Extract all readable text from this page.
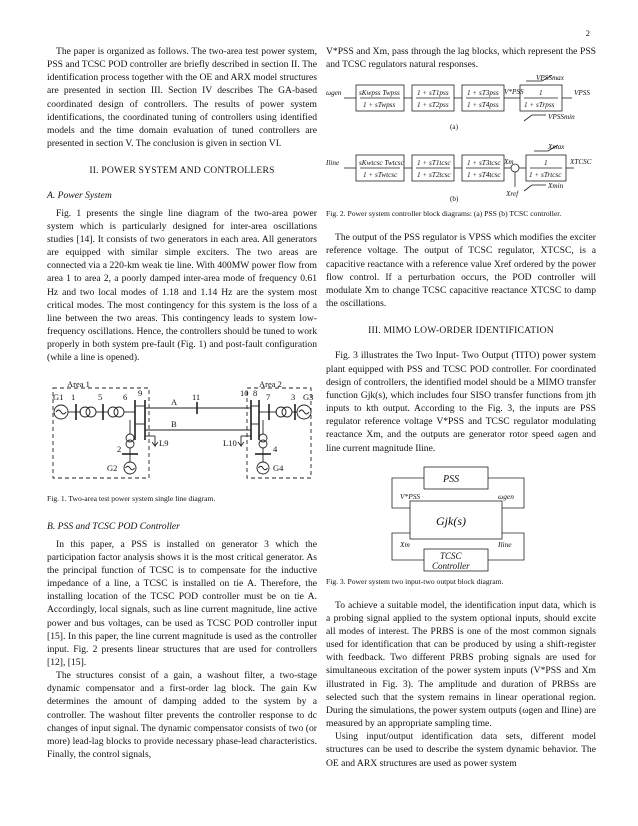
2

The paper is organized as follows. The two-area test power system, PSS and TCSC POD controller are briefly described in section II. The identification process together with the OE and ARX model structures are presented in section III. Section IV describes The GA-based coordinated design of controllers. The results of power system identifications, the coordinated tuning of controllers using identified models and the time domain evaluation of tuned controllers are presented in section V. The conclusion is given in section VI.

II. POWER SYSTEM AND CONTROLLERS
A. Power System

Fig. 1 presents the single line diagram of the two-area power system which is particularly designed for inter-area oscillations studies [14]. It consists of two generators in each area. All generators are equipped with similar simple exciters. The two areas are connected via a 220-km weak tie line. With 400MW power flow from area 1 to area 2, a poorly damped inter-area mode of frequency 0.61 Hz and two local modes of 1.18 and 1.14 Hz are the system most critical modes. The most contingency for this system is the loss of a line between the two areas. This contingency leads to system low-frequency oscillations. Hence, the controllers should be tuned to work properly in both system pre-fault (Fig. 1) and post-fault configuration (while a line is opened).

Area 1	Area 2
1	5 6 9	11	10 8 7 3
G1	G3
G2	G4
2	4
A
B
L9	L10
Fig. 1. Two-area test power system single line diagram.
B. PSS and TCSC POD Controller

In this paper, a PSS is installed on generator 3 which the participation factor analysis shows it is the most critical generator. As the principal function of TCSC is to compensate for the inductive impedance of a line, a TCSC is installed on tie A. Therefore, the installing location of the TCSC POD controller must be on tie A. Accordingly, local signals, such as line current magnitude, line active power and bus voltages, can be used as TCSC POD controller input [15]. In this paper, the line current magnitude is used as the controller input. Fig. 2 presents linear structures that are used for controllers [12], [15].

The structures consist of a gain, a washout filter, a two-stage dynamic compensator and a first-order lag block. The gain Kw determines the amount of damping added to the system by a controller. The washout filter prevents the controller response to dc changes of input signal. The dynamic compensator consists of two (or more) lead-lag blocks to provide necessary phase-lead characteristics. Finally, the control signals,

V*PSS and Xm, pass through the lag blocks, which represent the PSS and TCSC regulators natural responses.

ωgen sKwpss Twpss
1 + sTwpss
1 + sT1pss
1 + sT2pss
1 + sT3pss
1 + sT4pss
V*PSS 1
1 + sTrpss
VPSSmax
VPSSmin
VPSS
(a)
Iline	sKwtcsc Twtcsc
1 + sTwtcsc
1 + sT1tcsc
1 + sT2tcsc
1 + sT3tcsc
1 + sT4tcsc
Xm	1
1 + sTrtcsc
Xmax
Xmin
Xref
XTCSC
(b)
Fig. 2. Power system controller block diagrams: (a) PSS (b) TCSC controller.

The output of the PSS regulator is VPSS which modifies the exciter reference voltage. The output of TCSC regulator, XTCSC, is a capacitive reactance with a reference value Xref ordered by the power flow control. If a perturbation occurs, the POD controller will modulate Xm to change TCSC capacitive reactance XTCSC to damp the oscillations.

III. MIMO LOW-ORDER IDENTIFICATION

Fig. 3 illustrates the Two Input- Two Output (TITO) power system plant equipped with PSS and TCSC POD controller. For coordinated design of controllers, the identified model should be a MIMO transfer function Gjk(s), which includes four SISO transfer functions from jth inputs to kth output. According to the Fig. 3, the inputs are PSS regulator reference voltage V*PSS and TCSC regulator modulating reactance Xm, and the outputs are generator rotor speed ωgen and line current magnitude Iline.

PSS
Gjk(s)
TCSC
Controller
V*PSS
Xm
ωgen
Iline
Fig. 3. Power system two input-two output block diagram.

To achieve a suitable model, the identification input data, which is a probing signal applied to the system optional inputs, should excite all modes of interest. The PRBS is one of the most common signals used for identification that can be produced by using a shift-register with feedback. Two different PRBS probing signals are used for simultaneous excitation of the power system inputs (V*PSS and Xm illustrated in Fig. 3). The amplitude and duration of PRBSs are selected such that the system remains in linear operational region. During the simulations, the power system outputs (ωgen and Iline) are measured by an appropriate sampling time.

Using input/output identification data sets, different model structures can be used to describe the system dynamic behavior. The OE and ARX structures are used as power system
